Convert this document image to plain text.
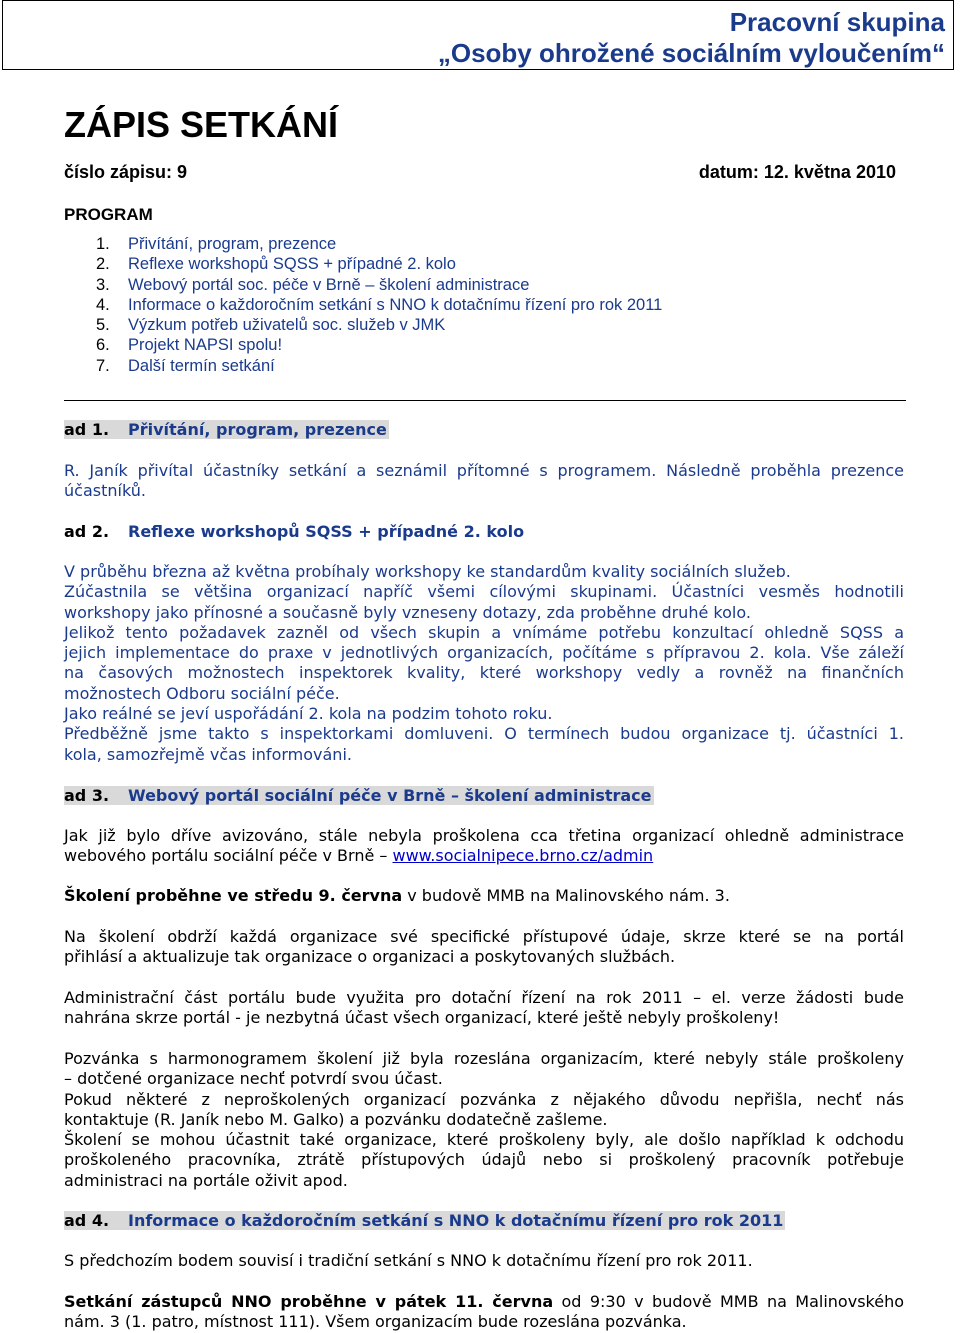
Pracovní skupina
„Osoby ohrožené sociálním vyloučením“
ZÁPIS SETKÁNÍ
číslo zápisu: 9	datum: 12. května 2010
PROGRAM
1. Přivítání, program, prezence
2. Reflexe workshopů SQSS + případné 2. kolo
3. Webový portál soc. péče v Brně – školení administrace
4. Informace o každoročním setkání s NNO k dotačnímu řízení pro rok 2011
5. Výzkum potřeb uživatelů soc. služeb v JMK
6. Projekt NAPSI spolu!
7. Další termín setkání
ad 1. Přivítání, program, prezence
R. Janík přivítal účastníky setkání a seznámil přítomné s programem. Následně proběhla prezence
účastníků.
ad 2. Reflexe workshopů SQSS + případné 2. kolo
V průběhu března až května probíhaly workshopy ke standardům kvality sociálních služeb.
Zúčastnila se většina organizací napříč všemi cílovými skupinami. Účastníci vesměs hodnotili
workshopy jako přínosné a současně byly vzneseny dotazy, zda proběhne druhé kolo.
Jelikož tento požadavek zazněl od všech skupin a vnímáme potřebu konzultací ohledně SQSS a
jejich implementace do praxe v jednotlivých organizacích, počítáme s přípravou 2. kola. Vše záleží
na časových možnostech inspektorek kvality, které workshopy vedly a rovněž na finančních
možnostech Odboru sociální péče.
Jako reálné se jeví uspořádání 2. kola na podzim tohoto roku.
Předběžně jsme takto s inspektorkami domluveni. O termínech budou organizace tj. účastníci 1.
kola, samozřejmě včas informováni.
ad 3. Webový portál sociální péče v Brně – školení administrace
Jak již bylo dříve avizováno, stále nebyla proškolena cca třetina organizací ohledně administrace
webového portálu sociální péče v Brně – www.socialnipece.brno.cz/admin
Školení proběhne ve středu 9. června v budově MMB na Malinovského nám. 3.
Na školení obdrží každá organizace své specifické přístupové údaje, skrze které se na portál
přihlásí a aktualizuje tak organizace o organizaci a poskytovaných službách.
Administrační část portálu bude využita pro dotační řízení na rok 2011 – el. verze žádosti bude
nahrána skrze portál - je nezbytná účast všech organizací, které ještě nebyly proškoleny!
Pozvánka s harmonogramem školení již byla rozeslána organizacím, které nebyly stále proškoleny
– dotčené organizace nechť potvrdí svou účast.
Pokud některé z neproškolených organizací pozvánka z nějakého důvodu nepřišla, nechť nás
kontaktuje (R. Janík nebo M. Galko) a pozvánku dodatečně zašleme.
Školení se mohou účastnit také organizace, které proškoleny byly, ale došlo například k odchodu
proškoleného pracovníka, ztrátě přístupových údajů nebo si proškolený pracovník potřebuje
administraci na portále oživit apod.
ad 4. Informace o každoročním setkání s NNO k dotačnímu řízení pro rok 2011
S předchozím bodem souvisí i tradiční setkání s NNO k dotačnímu řízení pro rok 2011.
Setkání zástupců NNO proběhne v pátek 11. června od 9:30 v budově MMB na Malinovského
nám. 3 (1. patro, místnost 111). Všem organizacím bude rozeslána pozvánka.
